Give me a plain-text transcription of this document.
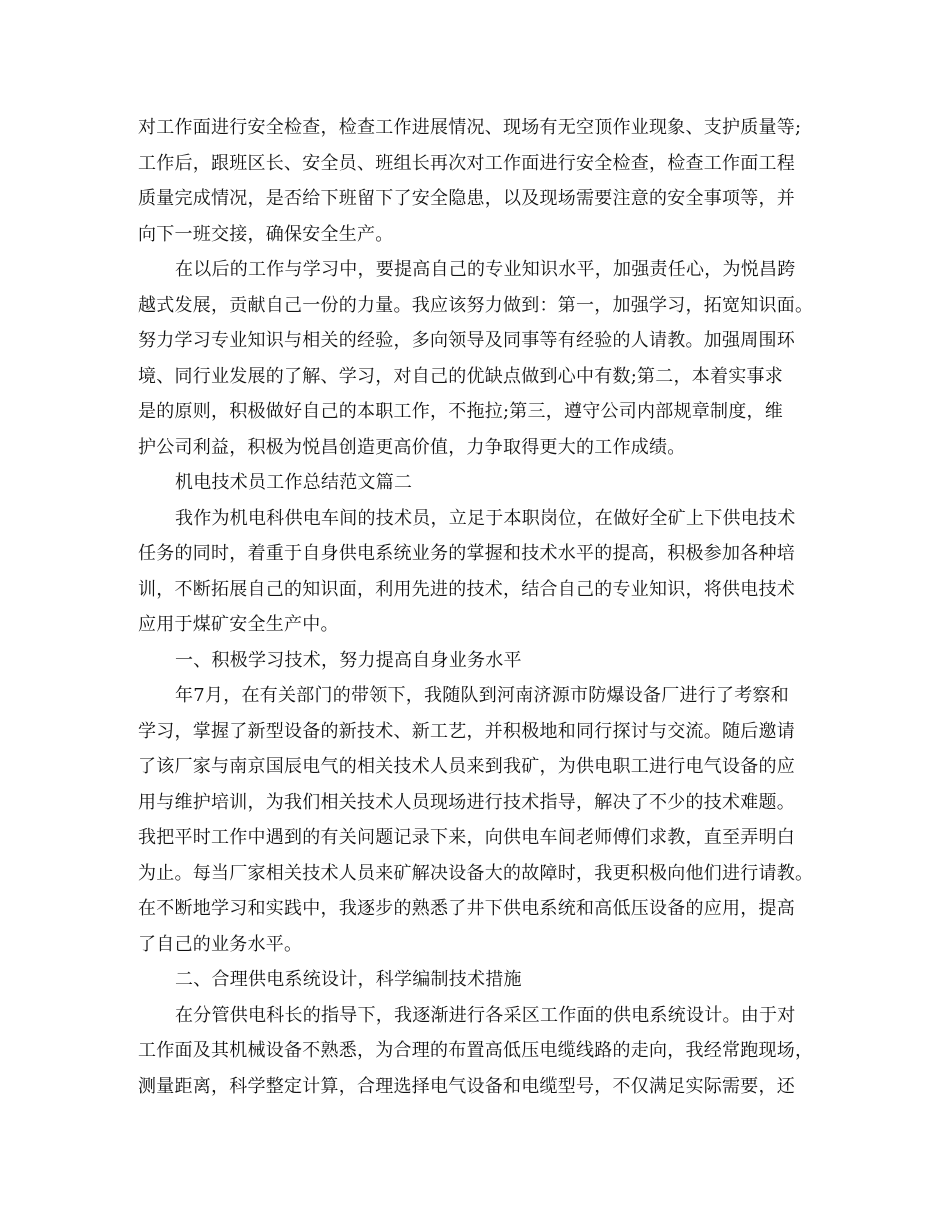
对工作面进行安全检查，检查工作进展情况、现场有无空顶作业现象、支护质量等;
工作后，跟班区长、安全员、班组长再次对工作面进行安全检查，检查工作面工程
质量完成情况，是否给下班留下了安全隐患，以及现场需要注意的安全事项等，并
向下一班交接，确保安全生产。
在以后的工作与学习中，要提高自己的专业知识水平，加强责任心，为悦昌跨
越式发展，贡献自己一份的力量。我应该努力做到：第一，加强学习，拓宽知识面。
努力学习专业知识与相关的经验，多向领导及同事等有经验的人请教。加强周围环
境、同行业发展的了解、学习，对自己的优缺点做到心中有数;第二，本着实事求
是的原则，积极做好自己的本职工作，不拖拉;第三，遵守公司内部规章制度，维
护公司利益，积极为悦昌创造更高价值，力争取得更大的工作成绩。
机电技术员工作总结范文篇二
我作为机电科供电车间的技术员，立足于本职岗位，在做好全矿上下供电技术
任务的同时，着重于自身供电系统业务的掌握和技术水平的提高，积极参加各种培
训，不断拓展自己的知识面，利用先进的技术，结合自己的专业知识，将供电技术
应用于煤矿安全生产中。
一、积极学习技术，努力提高自身业务水平
年7月，在有关部门的带领下，我随队到河南济源市防爆设备厂进行了考察和
学习，掌握了新型设备的新技术、新工艺，并积极地和同行探讨与交流。随后邀请
了该厂家与南京国辰电气的相关技术人员来到我矿，为供电职工进行电气设备的应
用与维护培训，为我们相关技术人员现场进行技术指导，解决了不少的技术难题。
我把平时工作中遇到的有关问题记录下来，向供电车间老师傅们求教，直至弄明白
为止。每当厂家相关技术人员来矿解决设备大的故障时，我更积极向他们进行请教。
在不断地学习和实践中，我逐步的熟悉了井下供电系统和高低压设备的应用，提高
了自己的业务水平。
二、合理供电系统设计，科学编制技术措施
在分管供电科长的指导下，我逐渐进行各采区工作面的供电系统设计。由于对
工作面及其机械设备不熟悉，为合理的布置高低压电缆线路的走向，我经常跑现场，
测量距离，科学整定计算，合理选择电气设备和电缆型号，不仅满足实际需要，还
